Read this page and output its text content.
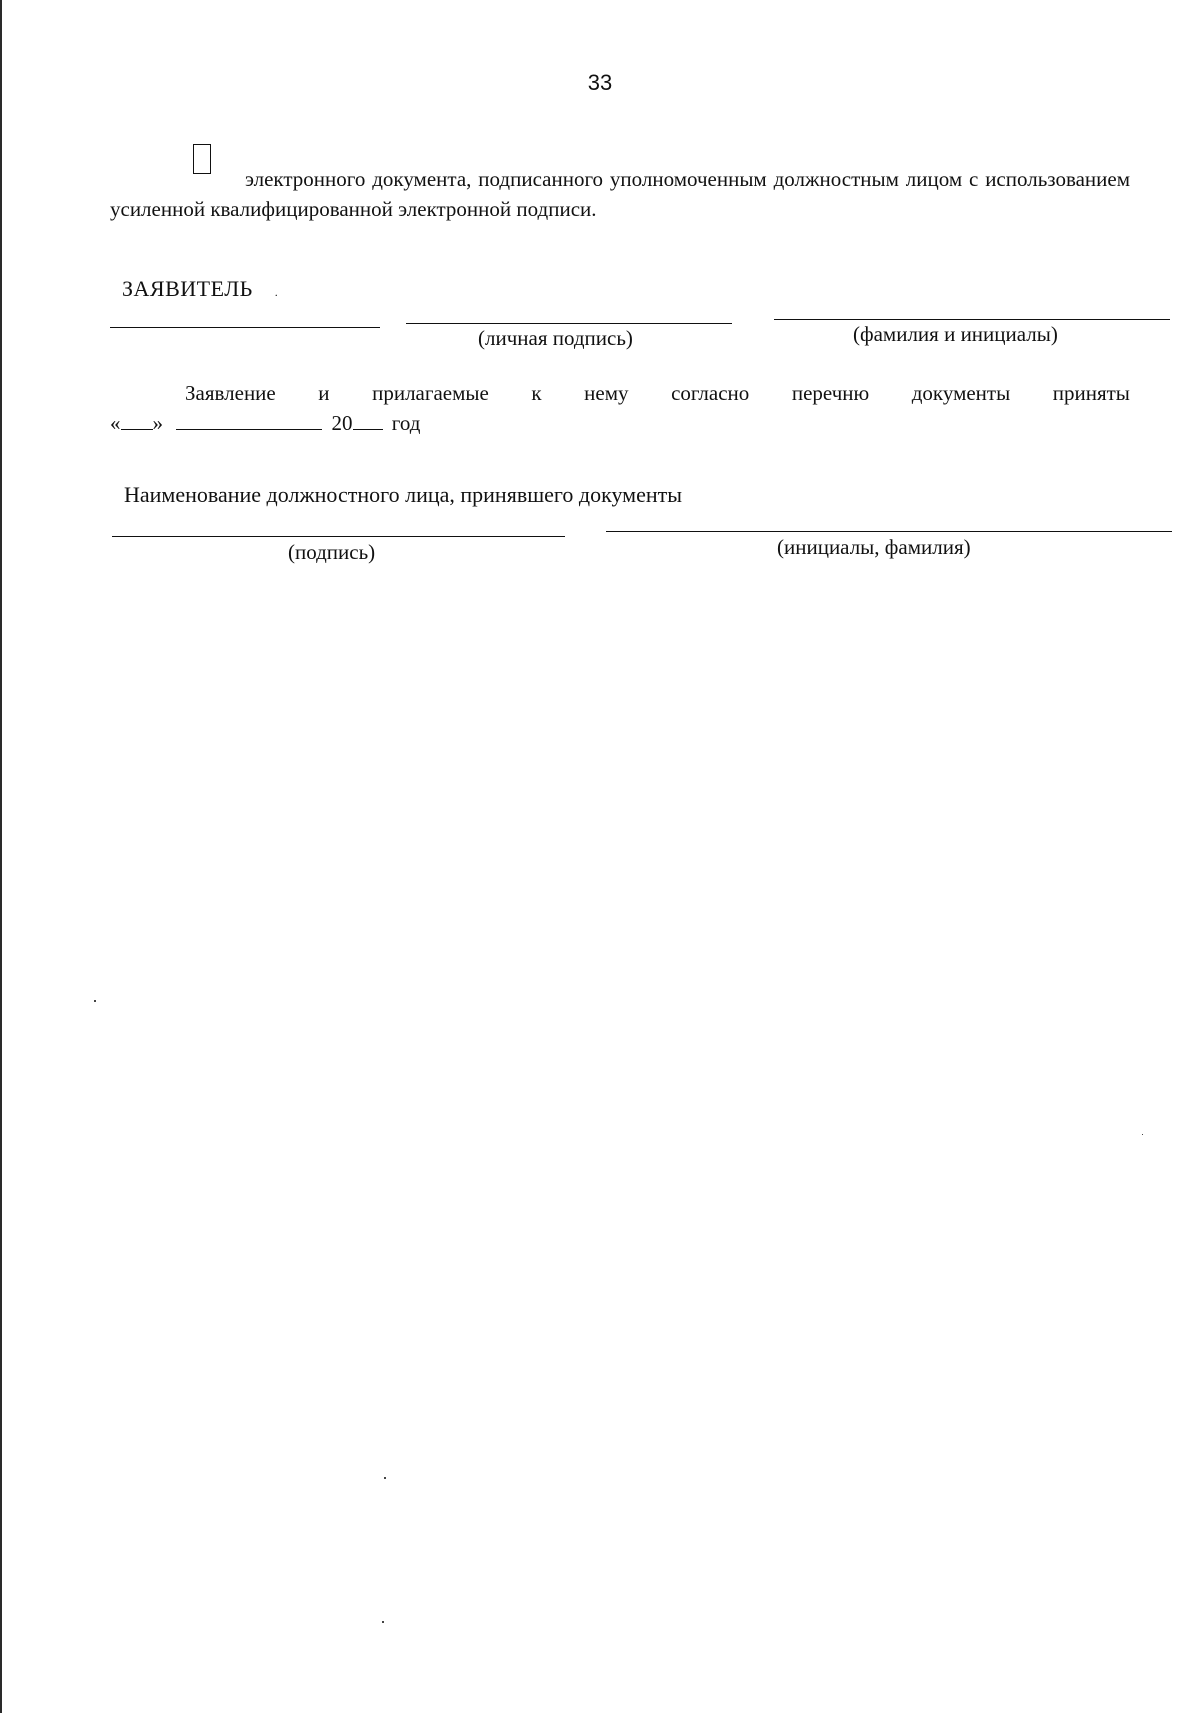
33

электронного документа, подписанного уполномоченным должностным лицом с использованием усиленной квалифицированной электронной подписи.

ЗАЯВИТЕЛЬ .
(личная подпись)	(фамилия и инициалы)
Заявление и прилагаемые к нему согласно перечню документы приняты
« »	20 год
Наименование должностного лица, принявшего документы
(подпись)	(инициалы, фамилия)
